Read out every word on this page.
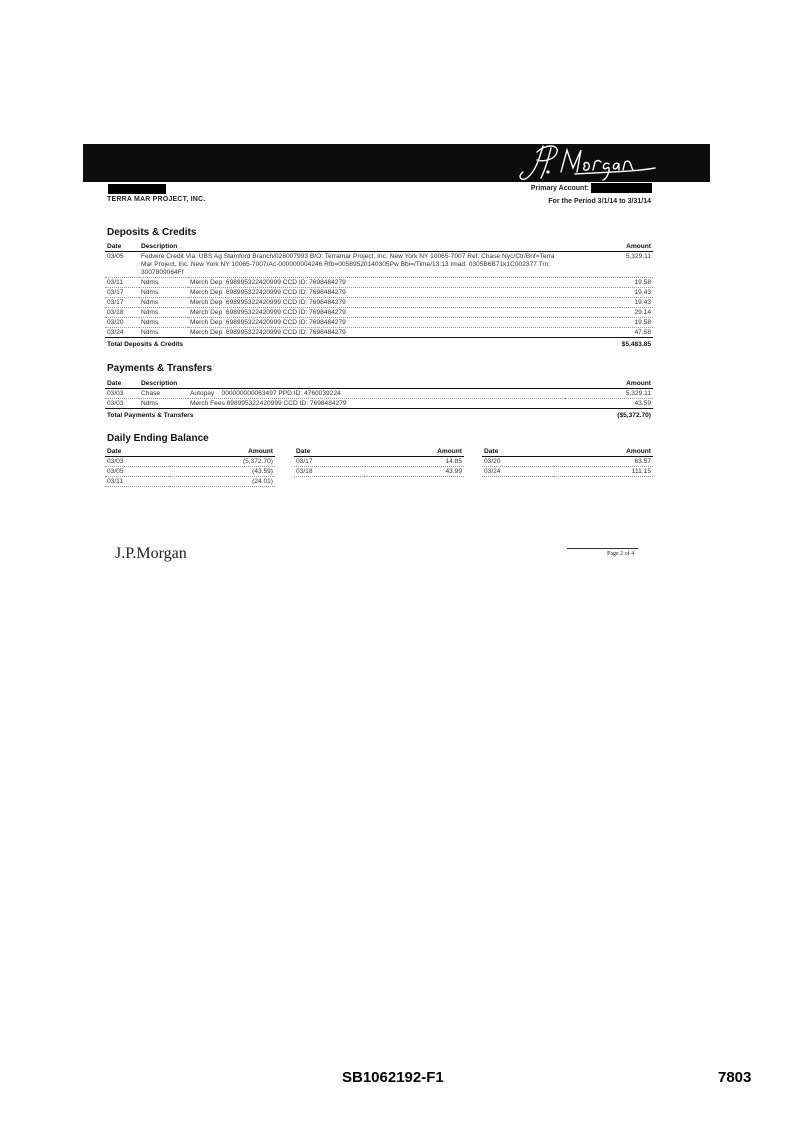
TERRA MAR PROJECT, INC.
Primary Account:
For the Period 3/1/14 to 3/31/14
Deposits & Credits
Date	Description		Amount
03/05	Fedwire Credit Via: UBS Ag Stamford Branch/026007993 B/O: Terramar Project, Inc. New York NY 10065-7007 Ref: Chase Nyc/Ctr/Bnf=Terra Mar Project, Inc. New York NY 10065-7007/Ac-000000004246 Rfb=0058952014030​5Pw Bbi=/Time/13:13 Imad: 0305B6B71k1C002377 Trn: 3007809064Ff		5,329.11
03/11	Ndms	Merch Dep  698995322420999 CCD ID: 7698484279	19.58
03/17	Ndms	Merch Dep  698995322420999 CCD ID: 7698484279	19.43
03/17	Ndms	Merch Dep  698995322420999 CCD ID: 7698484279	19.43
03/18	Ndms	Merch Dep  698995322420999 CCD ID: 7698484279	29.14
03/20	Ndms	Merch Dep  698995322420999 CCD ID: 7698484279	19.58
03/24	Ndms	Merch Dep  698995322420999 CCD ID: 7698484279	47.58
Total Deposits & Credits			$5,483.85
Payments & Transfers
Date	Description		Amount
03/03	Chase	Autopay    000000000063497 PPD ID: 4760039224	5,329.11
03/03	Ndms	Merch Fees 698995322420999 CCD ID: 7698484279	43.59
Total Payments & Transfers			($5,372.70)
Daily Ending Balance
Date	Amount
03/03	(5,372.70)
03/05	(43.59)
03/11	(24.01)
Date	Amount
03/17	14.85
03/18	43.99
Date	Amount
03/20	63.57
03/24	111.15
J.P.Morgan	Page 2 of 4
SB1062192-F1	7803
